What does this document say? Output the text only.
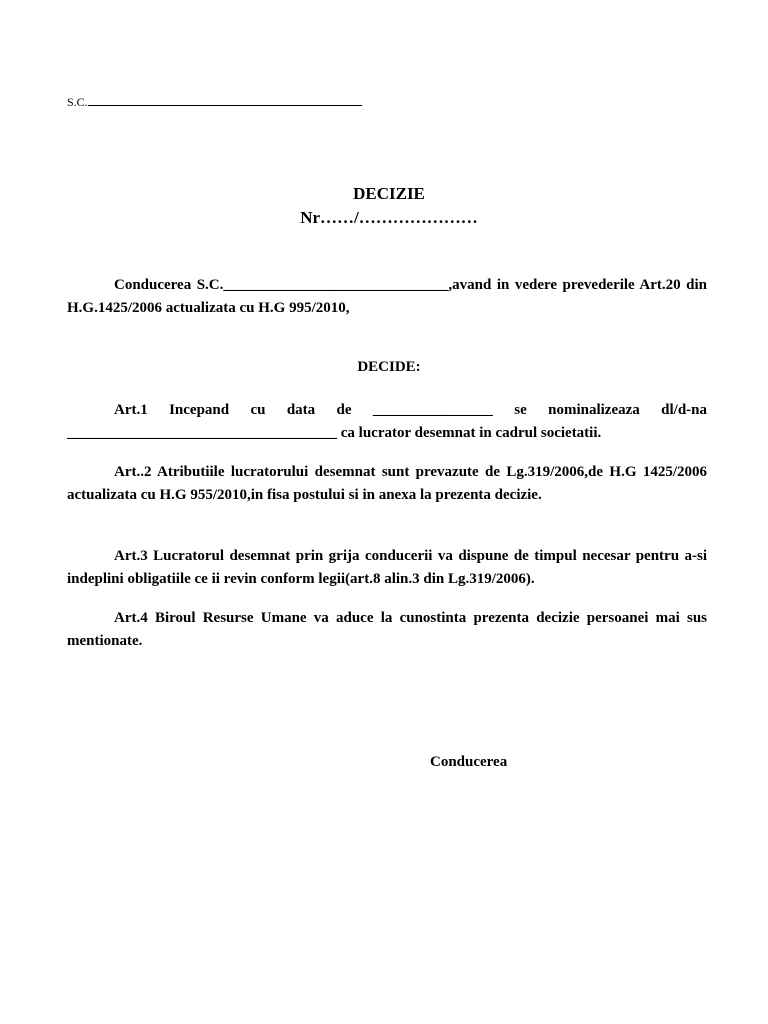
S.C.
DECIZIE
Nr……/…………………
Conducerea S.C.______________________________,avand in vedere prevederile Art.20 din H.G.1425/2006 actualizata cu H.G 995/2010,
DECIDE:
Art.1 Incepand cu data de ________________ se nominalizeaza dl/d-na ____________________________________ ca lucrator desemnat in cadrul societatii.
Art..2 Atributiile lucratorului desemnat sunt prevazute de Lg.319/2006,de H.G 1425/2006 actualizata cu H.G 955/2010,in fisa postului si in anexa la prezenta decizie.
Art.3 Lucratorul desemnat prin grija conducerii va dispune de timpul necesar pentru a-si indeplini obligatiile ce ii revin conform legii(art.8 alin.3 din Lg.319/2006).
Art.4 Biroul Resurse Umane va aduce la cunostinta prezenta decizie persoanei mai sus mentionate.
Conducerea
